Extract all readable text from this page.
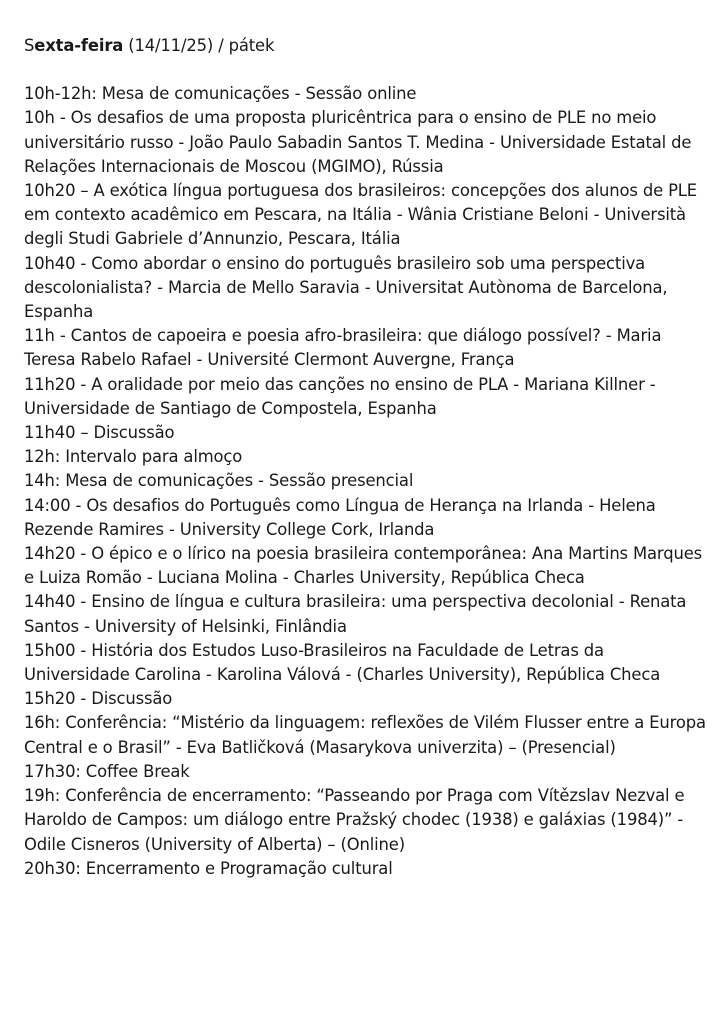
Sexta-feira (14/11/25) / pátek

10h-12h: Mesa de comunicações - Sessão online

10h - Os desafios de uma proposta pluricêntrica para o ensino de PLE no meio universitário russo - João Paulo Sabadin Santos T. Medina - Universidade Estatal de Relações Internacionais de Moscou (MGIMO), Rússia

10h20 – A exótica língua portuguesa dos brasileiros: concepções dos alunos de PLE em contexto acadêmico em Pescara, na Itália - Wânia Cristiane Beloni - Università degli Studi Gabriele d’Annunzio, Pescara, Itália

10h40 - Como abordar o ensino do português brasileiro sob uma perspectiva descolonialista? - Marcia de Mello Saravia - Universitat Autònoma de Barcelona, Espanha

11h - Cantos de capoeira e poesia afro-brasileira: que diálogo possível? - Maria Teresa Rabelo Rafael - Université Clermont Auvergne, França

11h20 - A oralidade por meio das canções no ensino de PLA - Mariana Killner - Universidade de Santiago de Compostela, Espanha

11h40 – Discussão

12h: Intervalo para almoço

14h: Mesa de comunicações - Sessão presencial

14:00 - Os desafios do Português como Língua de Herança na Irlanda - Helena Rezende Ramires - University College Cork, Irlanda

14h20 - O épico e o lírico na poesia brasileira contemporânea: Ana Martins Marques e Luiza Romão - Luciana Molina - Charles University, República Checa

14h40 - Ensino de língua e cultura brasileira: uma perspectiva decolonial - Renata Santos - University of Helsinki, Finlândia

15h00 - História dos Estudos Luso-Brasileiros na Faculdade de Letras da Universidade Carolina - Karolina Válová - (Charles University), República Checa

15h20 - Discussão

16h: Conferência: “Mistério da linguagem: reflexões de Vilém Flusser entre a Europa Central e o Brasil” - Eva Batličková (Masarykova univerzita) – (Presencial)

17h30: Coffee Break

19h: Conferência de encerramento: “Passeando por Praga com Vítězslav Nezval e Haroldo de Campos: um diálogo entre Pražský chodec (1938) e galáxias (1984)” - Odile Cisneros (University of Alberta) – (Online)

20h30: Encerramento e Programação cultural
